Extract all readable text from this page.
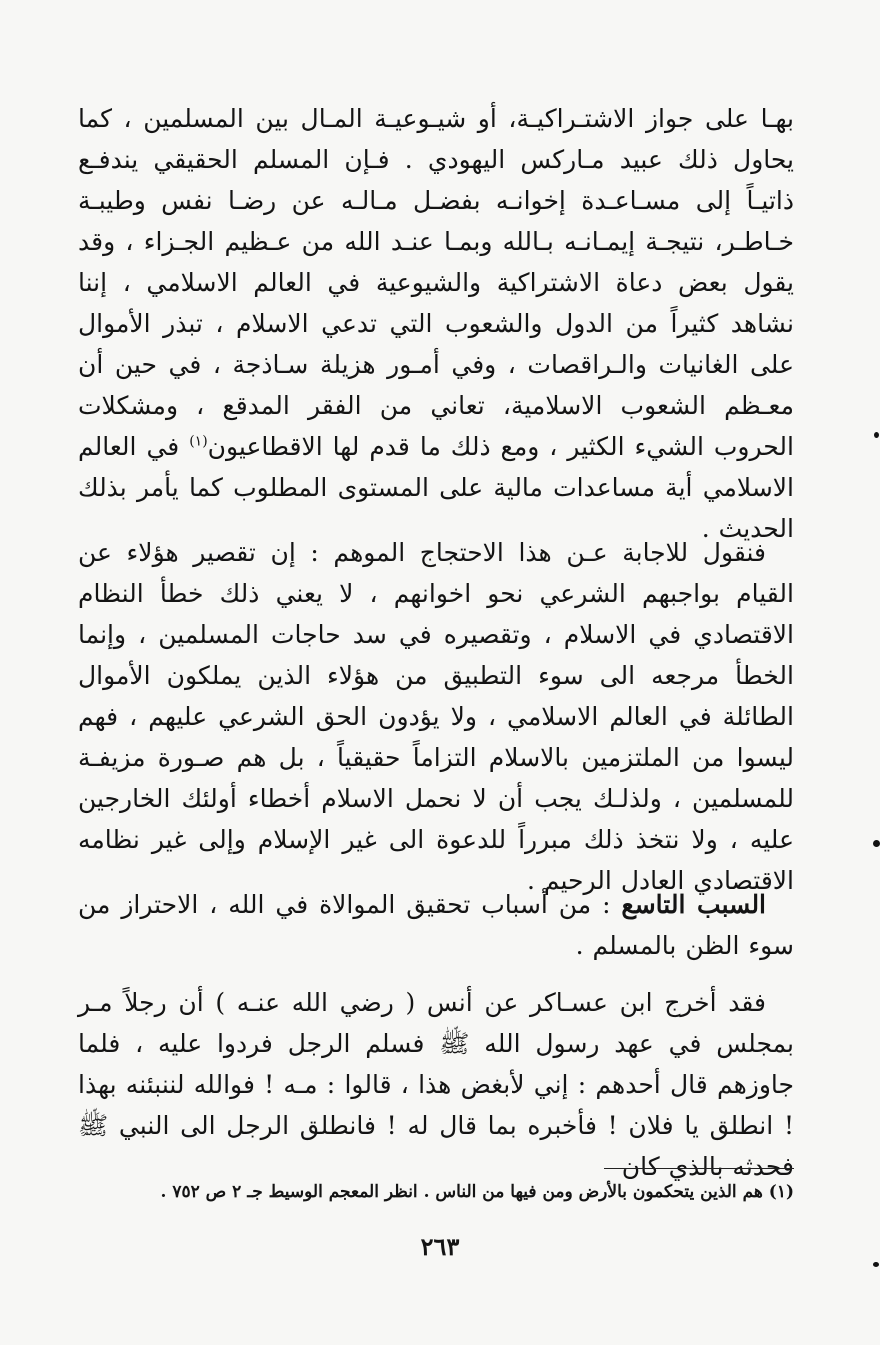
بهـا على جواز الاشتـراكيـة، أو شيـوعيـة المـال بين المسلمين ، كما يحاول ذلك عبيد مـاركس اليهودي . فـإن المسلم الحقيقي يندفـع ذاتيـاً إلى مسـاعـدة إخوانـه بفضـل مـالـه عن رضـا نفس وطيبـة خـاطـر، نتيجـة إيمـانـه بـالله وبمـا عنـد الله من عـظيم الجـزاء ، وقد يقول بعض دعاة الاشتراكية والشيوعية في العالم الاسلامي ، إننا نشاهد كثيراً من الدول والشعوب التي تدعي الاسلام ، تبذر الأموال على الغانيات والـراقصات ، وفي أمـور هزيلة سـاذجة ، في حين أن معـظم الشعوب الاسلامية، تعاني من الفقر المدقع ، ومشكلات الحروب الشيء الكثير ، ومع ذلك ما قدم لها الاقطاعيون$^{(١)}$ في العالم الاسلامي أية مساعدات مالية على المستوى المطلوب كما يأمر بذلك الحديث .

فنقول للاجابة عـن هذا الاحتجاج الموهم : إن تقصير هؤلاء عن القيام بواجبهم الشرعي نحو اخوانهم ، لا يعني ذلك خطأ النظام الاقتصادي في الاسلام ، وتقصيره في سد حاجات المسلمين ، وإنما الخطأ مرجعه الى سوء التطبيق من هؤلاء الذين يملكون الأموال الطائلة في العالم الاسلامي ، ولا يؤدون الحق الشرعي عليهم ، فهم ليسوا من الملتزمين بالاسلام التزاماً حقيقياً ، بل هم صـورة مزيفـة للمسلمين ، ولذلـك يجب أن لا نحمل الاسلام أخطاء أولئك الخارجين عليه ، ولا نتخذ ذلك مبرراً للدعوة الى غير الإسلام وإلى غير نظامه الاقتصادي العادل الرحيم .

السبب التاسع : من أسباب تحقيق الموالاة في الله ، الاحتراز من سوء الظن بالمسلم .

فقد أخرج ابن عسـاكر عن أنس ( رضي الله عنـه ) أن رجلاً مـر بمجلس في عهد رسول الله ﷺ فسلم الرجل فردوا عليه ، فلما جاوزهم قال أحدهم : إني لأبغض هذا ، قالوا : مـه ! فوالله لننبئنه بهذا ! انطلق يا فلان ! فأخبره بما قال له ! فانطلق الرجل الى النبي ﷺ فحدثه بالذي كان

(١) هم الذين يتحكمون بالأرض ومن فيها من الناس . انظر المعجم الوسيط جـ ٢ ص ٧٥٢ .

٢٦٣
